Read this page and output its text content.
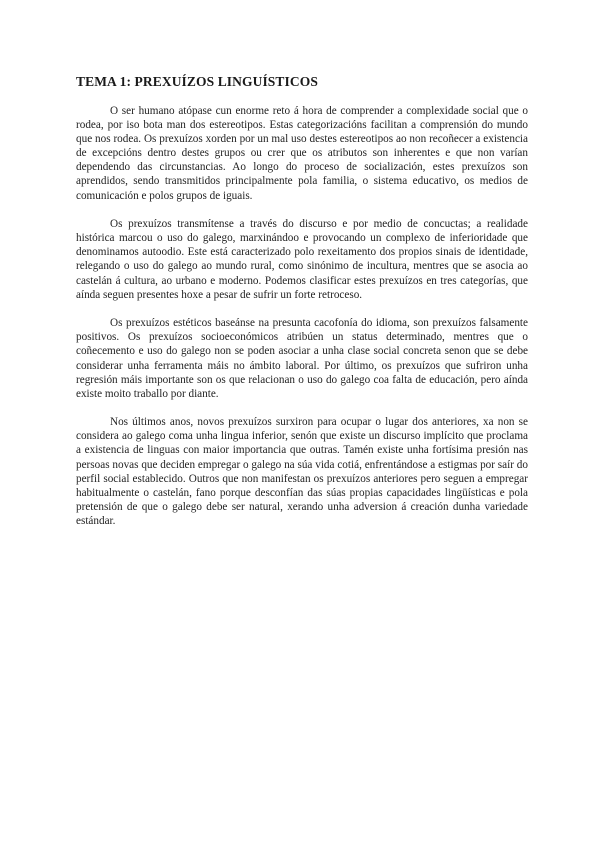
TEMA 1: PREXUÍZOS LINGUÍSTICOS

O ser humano atópase cun enorme reto á hora de comprender a complexidade social que o rodea, por iso bota man dos estereotipos. Estas categorizacións facilitan a comprensión do mundo que nos rodea. Os prexuízos xorden por un mal uso destes estereotipos ao non recoñecer a existencia de excepcións dentro destes grupos ou crer que os atributos son inherentes e que non varían dependendo das circunstancias. Ao longo do proceso de socialización, estes prexuízos son aprendidos, sendo transmitidos principalmente pola familia, o sistema educativo, os medios de comunicación e polos grupos de iguais.

Os prexuízos transmítense a través do discurso e por medio de concuctas; a realidade histórica marcou o uso do galego, marxinándoo e provocando un complexo de inferioridade que denominamos autoodio. Este está caracterizado polo rexeitamento dos propios sinais de identidade, relegando o uso do galego ao mundo rural, como sinónimo de incultura, mentres que se asocia ao castelán á cultura, ao urbano e moderno. Podemos clasificar estes prexuízos en tres categorías, que aínda seguen presentes hoxe a pesar de sufrir un forte retroceso.

Os prexuízos estéticos baseánse na presunta cacofonía do idioma, son prexuízos falsamente positivos. Os prexuízos socioeconómicos atribúen un status determinado, mentres que o coñecemento e uso do galego non se poden asociar a unha clase social concreta senon que se debe considerar unha ferramenta máis no ámbito laboral. Por último, os prexuízos que sufriron unha regresión máis importante son os que relacionan o uso do galego coa falta de educación, pero aínda existe moito traballo por diante.

Nos últimos anos, novos prexuízos surxiron para ocupar o lugar dos anteriores, xa non se considera ao galego coma unha lingua inferior, senón que existe un discurso implícito que proclama a existencia de linguas con maior importancia que outras. Tamén existe unha fortísima presión nas persoas novas que deciden empregar o galego na súa vida cotiá, enfrentándose a estigmas por saír do perfil social establecido. Outros que non manifestan os prexuízos anteriores pero seguen a empregar habitualmente o castelán, fano porque desconfían das súas propias capacidades lingüísticas e pola pretensión de que o galego debe ser natural, xerando unha adversion á creación dunha variedade estándar.
